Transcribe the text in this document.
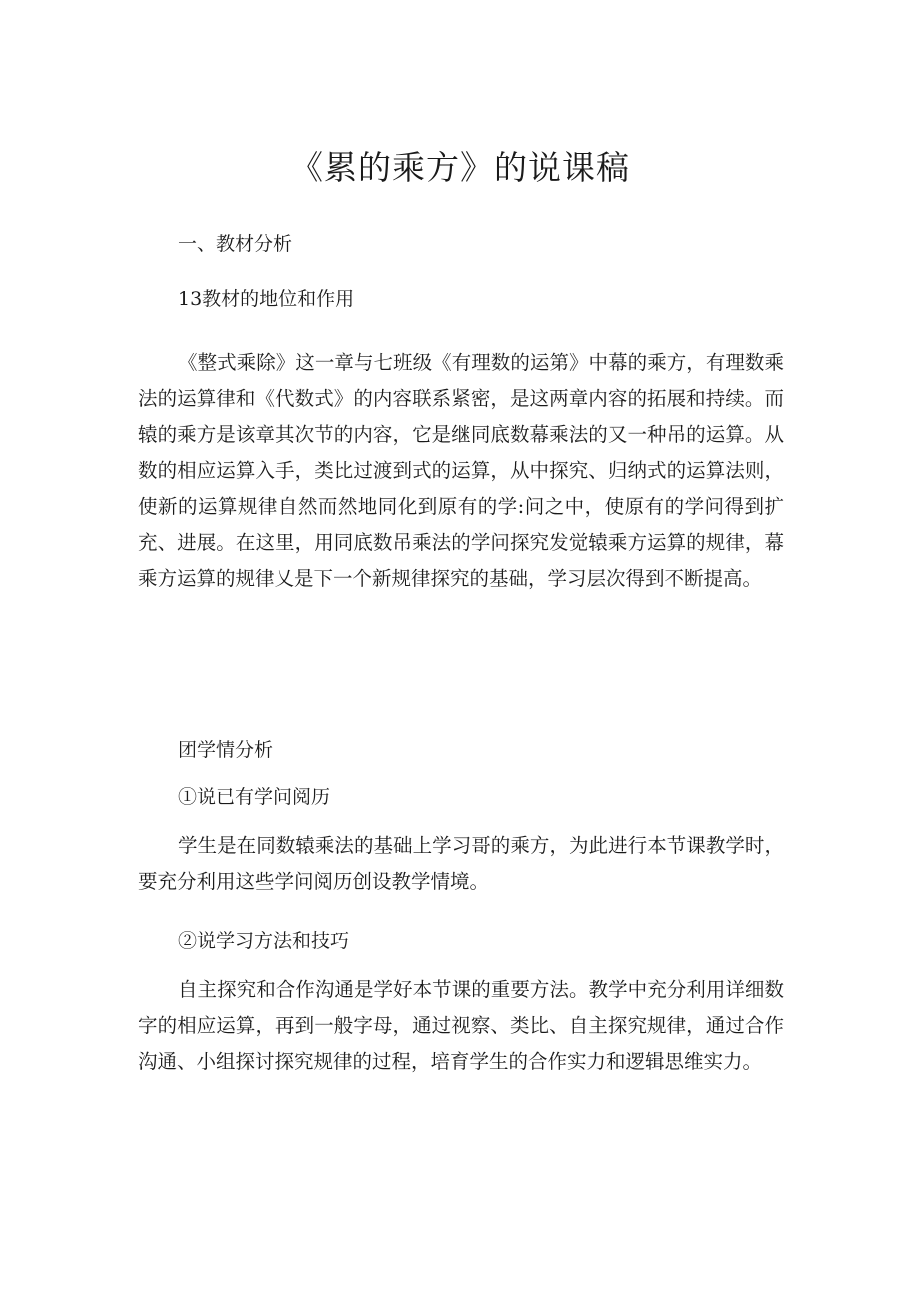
《累的乘方》的说课稿

一、教材分析

13教材的地位和作用

《整式乘除》这一章与七班级《有理数的运第》中幕的乘方，有理数乘法的运算律和《代数式》的内容联系紧密，是这两章内容的拓展和持续。而辕的乘方是该章其次节的内容，它是继同底数幕乘法的又一种吊的运算。从数的相应运算入手，类比过渡到式的运算，从中探究、归纳式的运算法则，使新的运算规律自然而然地同化到原有的学:问之中，使原有的学问得到扩充、进展。在这里，用同底数吊乘法的学问探究发觉辕乘方运算的规律，幕乘方运算的规律乂是下一个新规律探究的基础，学习层次得到不断提高。

团学情分析

①说已有学问阅历

学生是在同数辕乘法的基础上学习哥的乘方，为此进行本节课教学时，要充分利用这些学问阅历创设教学情境。

②说学习方法和技巧

自主探究和合作沟通是学好本节课的重要方法。教学中充分利用详细数字的相应运算，再到一般字母，通过视察、类比、自主探究规律，通过合作沟通、小组探讨探究规律的过程，培育学生的合作实力和逻辑思维实力。
